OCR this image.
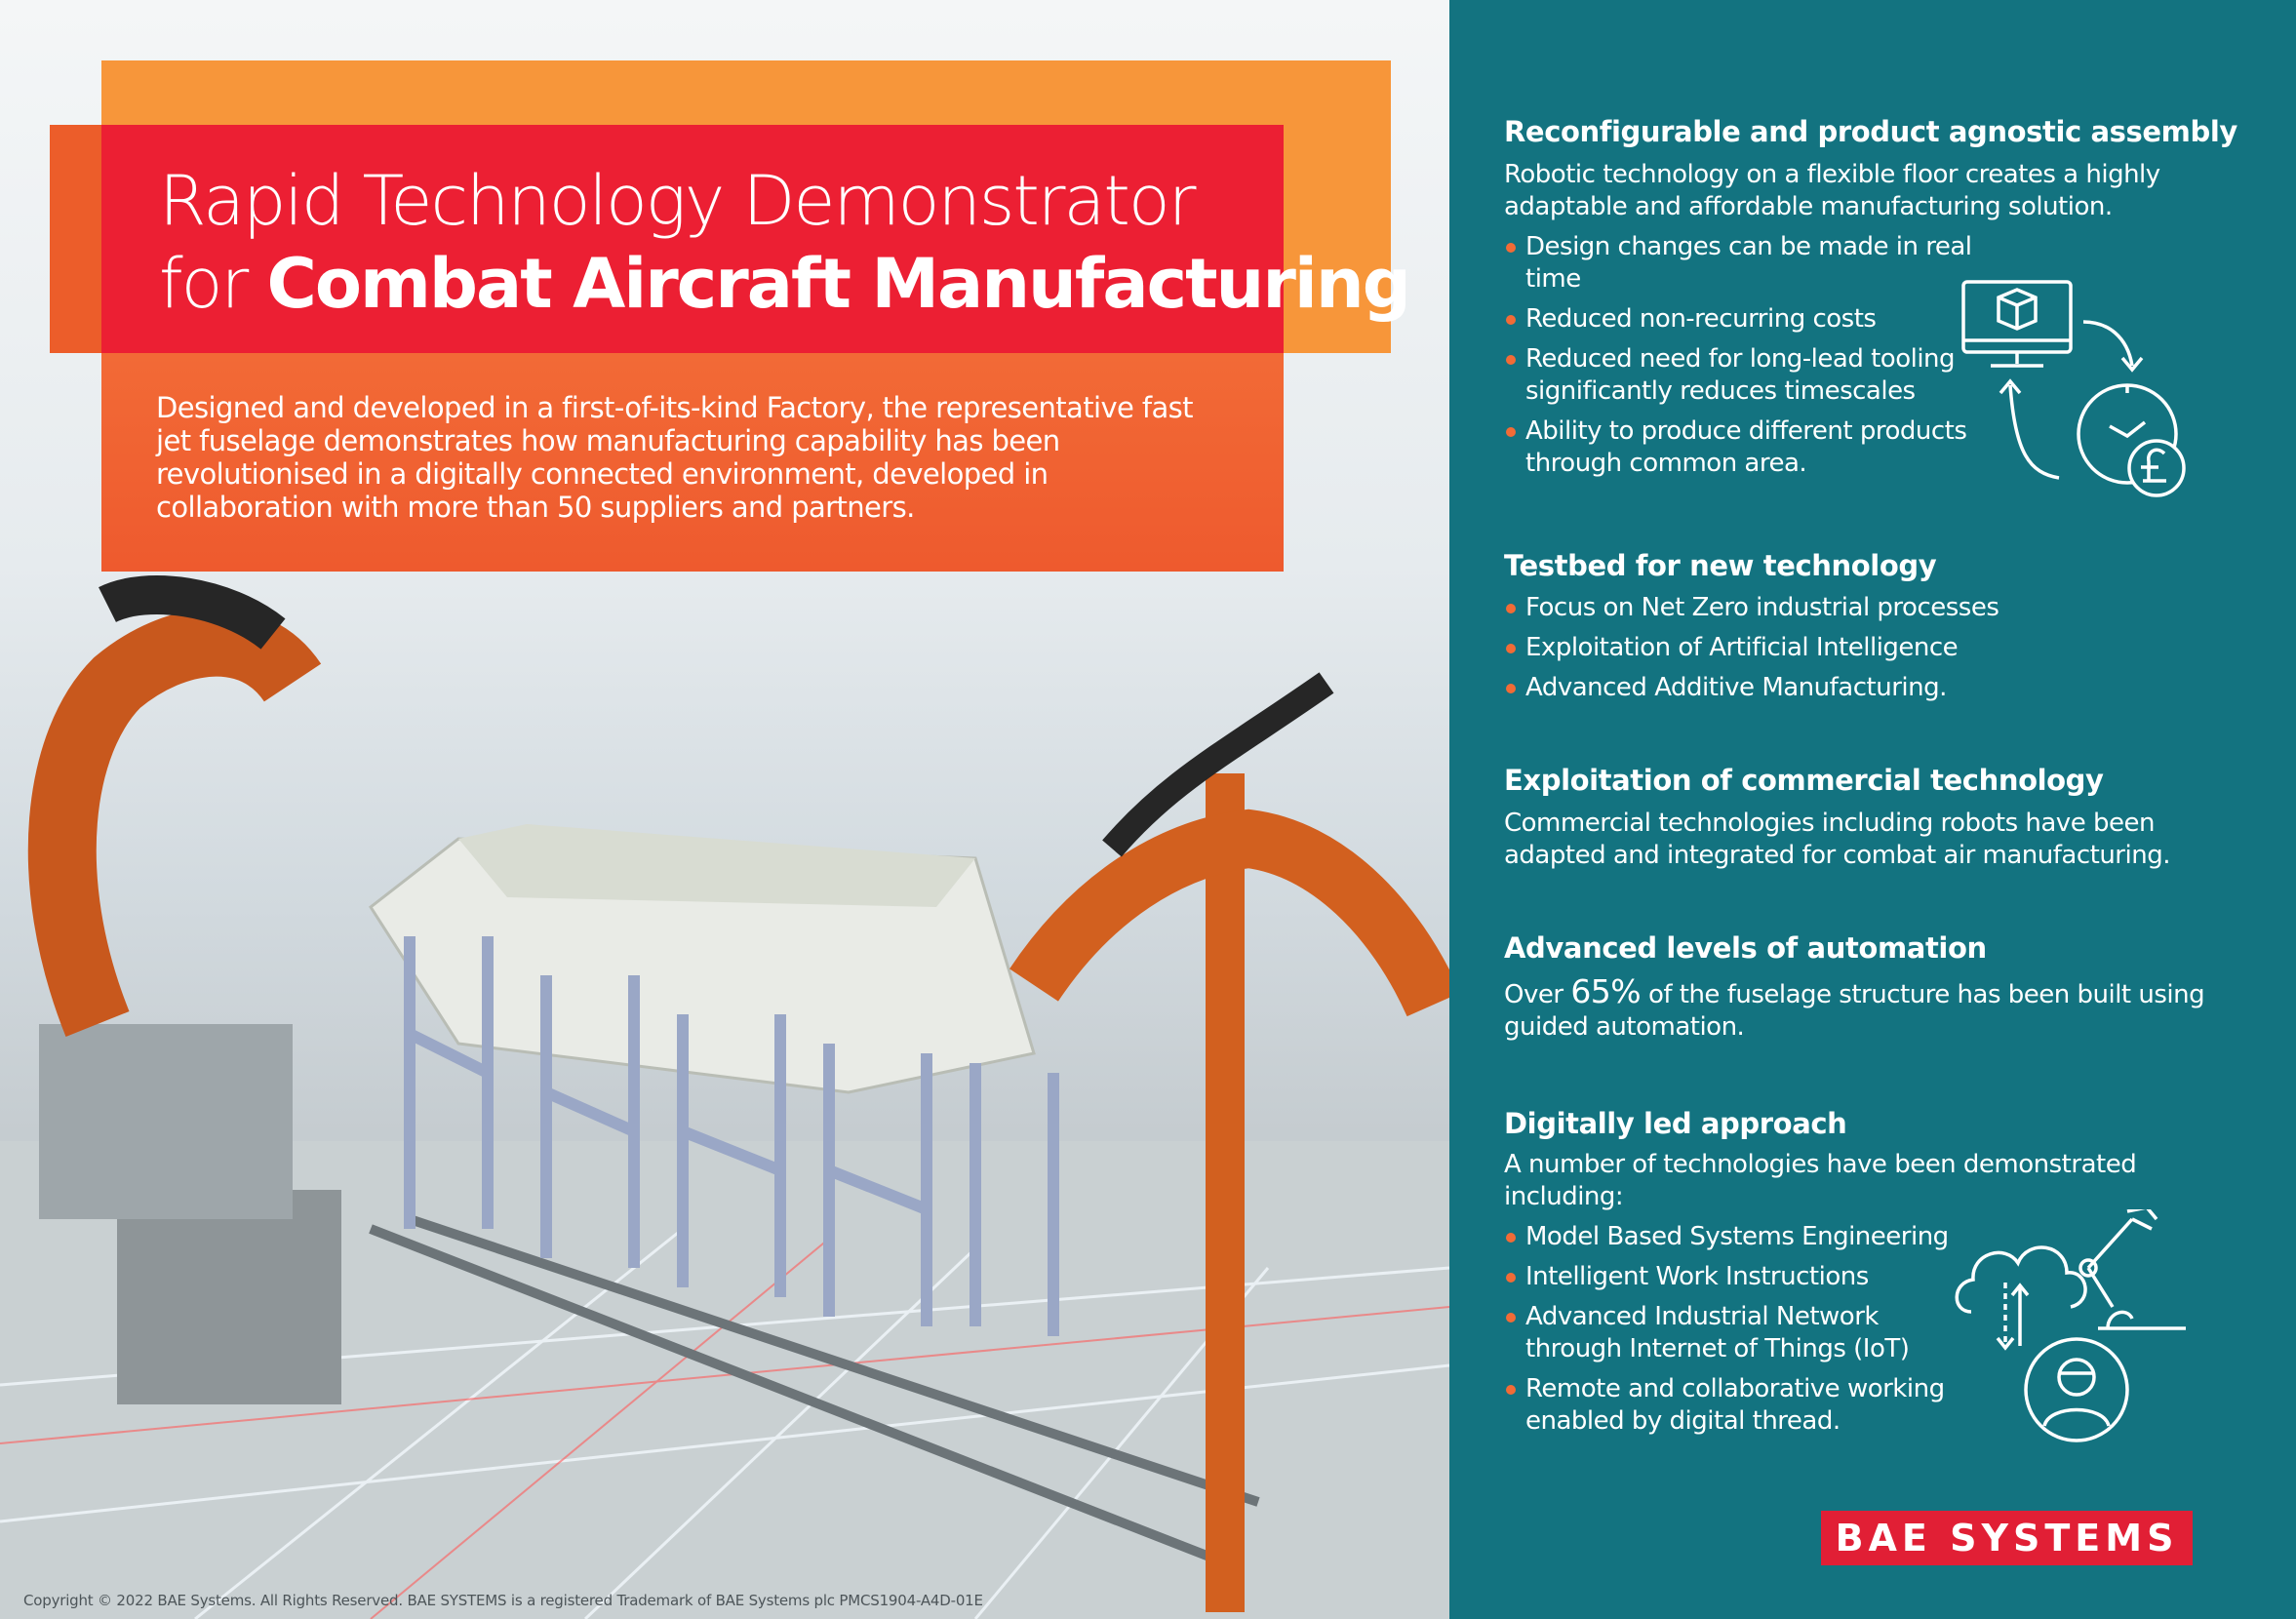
Rapid Technology Demonstrator
for Combat Aircraft Manufacturing
Designed and developed in a first-of-its-kind Factory, the representative fast jet fuselage demonstrates how manufacturing capability has been revolutionised in a digitally connected environment, developed in collaboration with more than 50 suppliers and partners.
Copyright © 2022 BAE Systems. All Rights Reserved. BAE SYSTEMS is a registered Trademark of BAE Systems plc PMCS1904-A4D-01E
Reconfigurable and product agnostic assembly
Robotic technology on a flexible floor creates a highly adaptable and affordable manufacturing solution.
Design changes can be made in real time
Reduced non-recurring costs
Reduced need for long-lead tooling significantly reduces timescales
Ability to produce different products through common area.
Testbed for new technology
Focus on Net Zero industrial processes
Exploitation of Artificial Intelligence
Advanced Additive Manufacturing.
Exploitation of commercial technology
Commercial technologies including robots have been adapted and integrated for combat air manufacturing.
Advanced levels of automation
Over 65% of the fuselage structure has been built using guided automation.
Digitally led approach
A number of technologies have been demonstrated including:
Model Based Systems Engineering
Intelligent Work Instructions
Advanced Industrial Network through Internet of Things (IoT)
Remote and collaborative working enabled by digital thread.
BAE SYSTEMS
